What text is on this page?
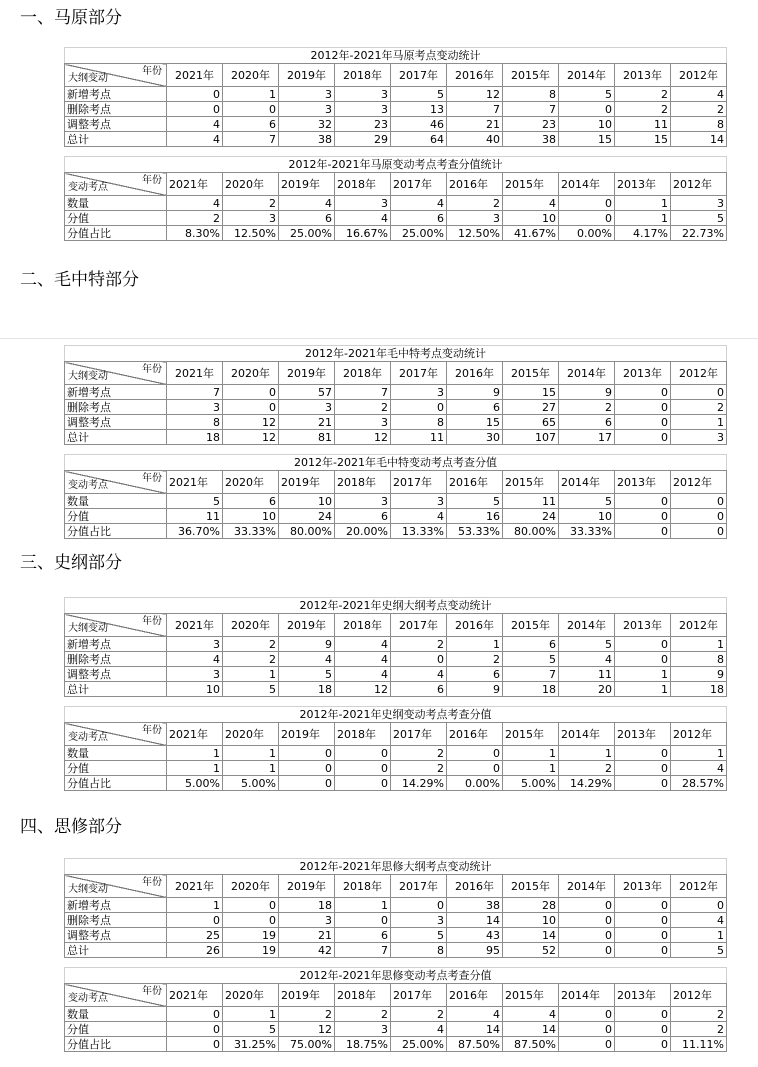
一、马原部分
二、毛中特部分
三、史纲部分
四、思修部分
2012年-2021年马原考点变动统计										

年份
大纲变动	2021年	2020年	2019年	2018年	2017年	2016年	2015年	2014年	2013年	2012年
新增考点	0	1	3	3	5	12	8	5	2	4
删除考点	0	0	3	3	13	7	7	0	2	2
调整考点	4	6	32	23	46	21	23	10	11	8
总计	4	7	38	29	64	40	38	15	15	14
2012年-2021年马原变动考点考查分值统计										

年份
变动考点	2021年	2020年	2019年	2018年	2017年	2016年	2015年	2014年	2013年	2012年
数量	4	2	4	3	4	2	4	0	1	3
分值	2	3	6	4	6	3	10	0	1	5
分值占比	8.30%	12.50%	25.00%	16.67%	25.00%	12.50%	41.67%	0.00%	4.17%	22.73%
2012年-2021年毛中特考点变动统计										

年份
大纲变动	2021年	2020年	2019年	2018年	2017年	2016年	2015年	2014年	2013年	2012年
新增考点	7	0	57	7	3	9	15	9	0	0
删除考点	3	0	3	2	0	6	27	2	0	2
调整考点	8	12	21	3	8	15	65	6	0	1
总计	18	12	81	12	11	30	107	17	0	3
2012年-2021年毛中特变动考点考查分值										

年份
变动考点	2021年	2020年	2019年	2018年	2017年	2016年	2015年	2014年	2013年	2012年
数量	5	6	10	3	3	5	11	5	0	0
分值	11	10	24	6	4	16	24	10	0	0
分值占比	36.70%	33.33%	80.00%	20.00%	13.33%	53.33%	80.00%	33.33%	0	0
2012年-2021年史纲大纲考点变动统计										

年份
大纲变动	2021年	2020年	2019年	2018年	2017年	2016年	2015年	2014年	2013年	2012年
新增考点	3	2	9	4	2	1	6	5	0	1
删除考点	4	2	4	4	0	2	5	4	0	8
调整考点	3	1	5	4	4	6	7	11	1	9
总计	10	5	18	12	6	9	18	20	1	18
2012年-2021年史纲变动考点考查分值										

年份
变动考点	2021年	2020年	2019年	2018年	2017年	2016年	2015年	2014年	2013年	2012年
数量	1	1	0	0	2	0	1	1	0	1
分值	1	1	0	0	2	0	1	2	0	4
分值占比	5.00%	5.00%	0	0	14.29%	0.00%	5.00%	14.29%	0	28.57%
2012年-2021年思修大纲考点变动统计										

年份
大纲变动	2021年	2020年	2019年	2018年	2017年	2016年	2015年	2014年	2013年	2012年
新增考点	1	0	18	1	0	38	28	0	0	0
删除考点	0	0	3	0	3	14	10	0	0	4
调整考点	25	19	21	6	5	43	14	0	0	1
总计	26	19	42	7	8	95	52	0	0	5
2012年-2021年思修变动考点考查分值										

年份
变动考点	2021年	2020年	2019年	2018年	2017年	2016年	2015年	2014年	2013年	2012年
数量	0	1	2	2	2	4	4	0	0	2
分值	0	5	12	3	4	14	14	0	0	2
分值占比	0	31.25%	75.00%	18.75%	25.00%	87.50%	87.50%	0	0	11.11%
